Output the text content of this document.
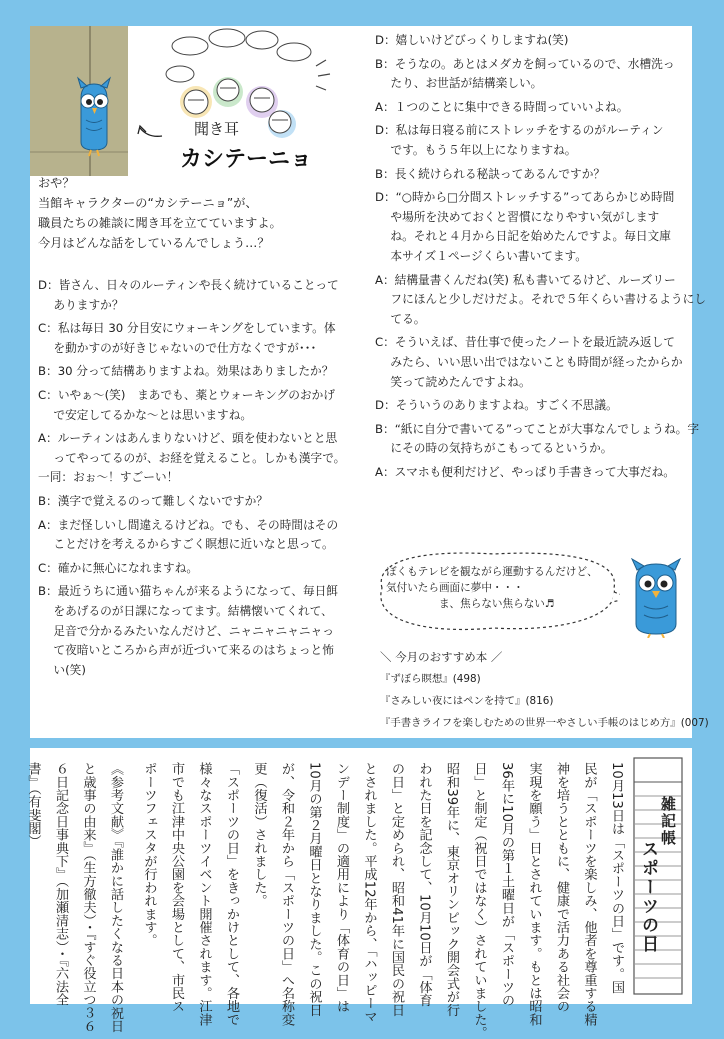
聞き耳
カシテーニョ
おや？
当館キャラクターの“カシテーニョ”が、
職員たちの雑談に聞き耳を立てていますよ。
今月はどんな話をしているんでしょう…？
D：皆さん、日々のルーティンや長く続けていることって
　 ありますか？
C：私は毎日 30 分目安にウォーキングをしています。体
　 を動かすのが好きじゃないので仕方なくですが･･･
B：30 分って結構ありますよね。効果はありましたか？
C：いやぁ～(笑)　まあでも、薬とウォーキングのおかげ
　 で安定してるかな～とは思いますね。
A：ルーティンはあんまりないけど、頭を使わないとと思
　 ってやってるのが、お経を覚えること。しかも漢字で。
一同：おぉ～！すごーい！
B：漢字で覚えるのって難しくないですか？
A：まだ怪しいし間違えるけどね。でも、その時間はその
　 ことだけを考えるからすごく瞑想に近いなと思って。
C：確かに無心になれますね。
B：最近うちに通い猫ちゃんが来るようになって、毎日餌
　 をあげるのが日課になってます。結構懐いてくれて、
　 足音で分かるみたいなんだけど、ニャニャニャニャっ
　 て夜暗いところから声が近づいて来るのはちょっと怖
　 い(笑)
D：嬉しいけどびっくりしますね(笑)
B：そうなの。あとはメダカを飼っているので、水槽洗っ
　 たり、お世話が結構楽しい。
A：１つのことに集中できる時間っていいよね。
D：私は毎日寝る前にストレッチをするのがルーティン
　 です。もう５年以上になりますね。
B：長く続けられる秘訣ってあるんですか？
D：“○時から□分間ストレッチする”ってあらかじめ時間
　 や場所を決めておくと習慣になりやすい気がします
　 ね。それと４月から日記を始めたんですよ。毎日文庫
　 本サイズ１ページくらい書いてます。
A：結構量書くんだね(笑) 私も書いてるけど、ルーズリー
　 フにほんと少しだけだよ。それで５年くらい書けるようにし
　 てる。
C：そういえば、昔仕事で使ったノートを最近読み返して
　 みたら、いい思い出ではないことも時間が経ったからか
　 笑って読めたんですよね。
D：そういうのありますよね。すごく不思議。
B：“紙に自分で書いてる”ってことが大事なんでしょうね。字
　 にその時の気持ちがこもってるというか。
A：スマホも便利だけど、やっぱり手書きって大事だね。
ぼくもテレビを観ながら運動するんだけど、
気付いたら画面に夢中・・・
　　　　　ま、焦らない焦らない♬
＼ 今月のおすすめ本 ／
『ずぼら瞑想』(498)
『さみしい夜にはペンを持て』(816)
『手書きライフを楽しむための世界一やさしい手帳のはじめ方』(007)
10月13日は「スポーツの日」です。国
民が「スポーツを楽しみ、他者を尊重する精
神を培うとともに、健康で活力ある社会の
実現を願う」日とされています。もとは昭和
36年に10月の第１土曜日が「スポーツの
日」と制定（祝日ではなく）されていました。
昭和39年に、東京オリンピック開会式が行
われた日を記念して、10月10日が「体育
の日」と定められ、昭和41年に国民の祝日
とされました。平成12年から、「ハッピーマ
ンデー制度」の適用により「体育の日」は
10月の第２月曜日となりました。この祝日
が、令和２年から「スポーツの日」へ名称変
更（復活）されました。
「スポーツの日」をきっかけとして、各地で
様々なスポーツイベント開催されます。江津
市でも江津中央公園を会場として、市民ス
ポーツフェスタが行われます。
《参考文献》『誰かに話したくなる日本の祝日
と歳事の由来』（生方徹夫）・『すぐ役立つ３６
６日記念日事典下』（加瀬清志）・『六法全
書』（有斐閣）	雑記帳
スポーツの日
